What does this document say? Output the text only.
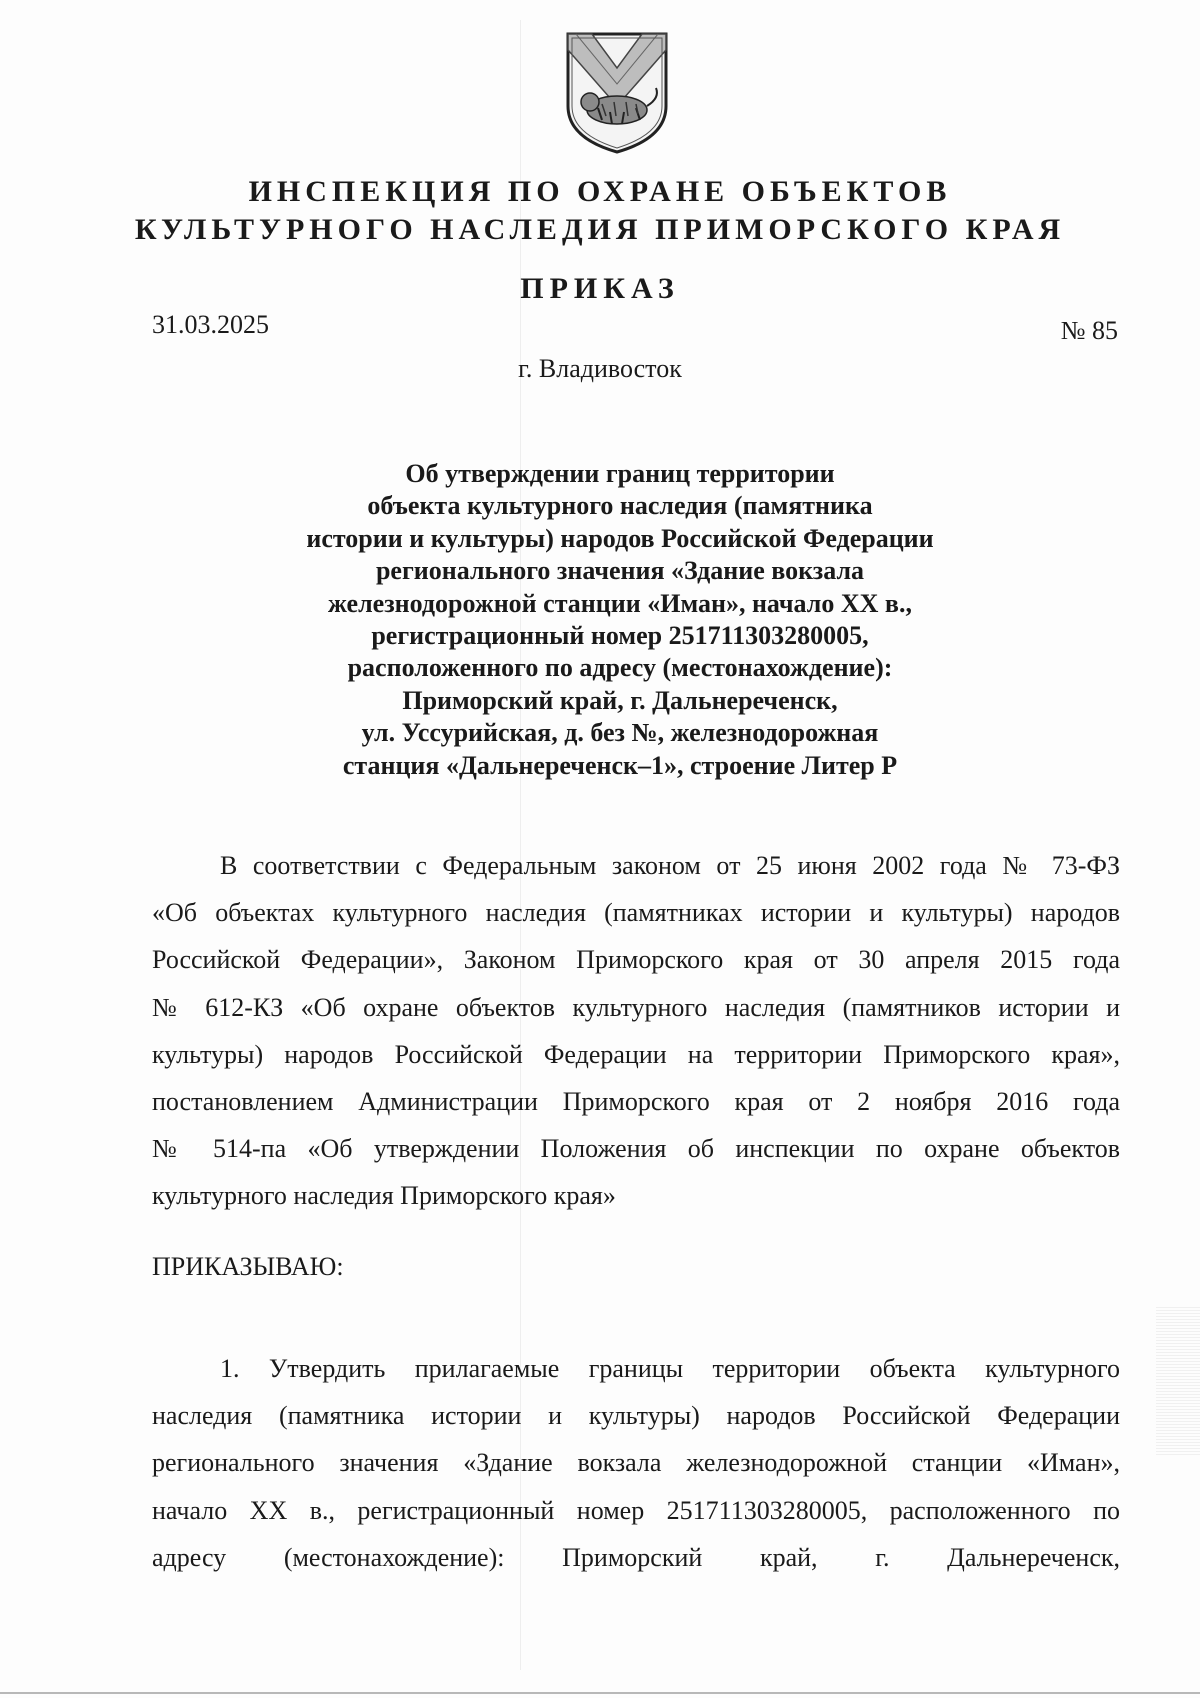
ИНСПЕКЦИЯ ПО ОХРАНЕ ОБЪЕКТОВ
КУЛЬТУРНОГО НАСЛЕДИЯ ПРИМОРСКОГО КРАЯ
ПРИКАЗ
31.03.2025	№ 85
г. Владивосток
Об утверждении границ территории
объекта культурного наследия (памятника
истории и культуры) народов Российской Федерации
регионального значения «Здание вокзала
железнодорожной станции «Иман», начало XX в.,
регистрационный номер 251711303280005,
расположенного по адресу (местонахождение):
Приморский край, г. Дальнереченск,
ул. Уссурийская, д. без №, железнодорожная
станция «Дальнереченск–1», строение Литер Р
В соответствии с Федеральным законом от 25 июня 2002 года № 73-ФЗ
«Об объектах культурного наследия (памятниках истории и культуры) народов
Российской Федерации», Законом Приморского края от 30 апреля 2015 года
№ 612-КЗ «Об охране объектов культурного наследия (памятников истории и
культуры) народов Российской Федерации на территории Приморского края»,
постановлением Администрации Приморского края от 2 ноября 2016 года
№ 514-па «Об утверждении Положения об инспекции по охране объектов
культурного наследия Приморского края»
ПРИКАЗЫВАЮ:
1. Утвердить прилагаемые границы территории объекта культурного
наследия (памятника истории и культуры) народов Российской Федерации
регионального значения «Здание вокзала железнодорожной станции «Иман»,
начало XX в., регистрационный номер 251711303280005, расположенного по
адресу (местонахождение): Приморский край, г. Дальнереченск,
